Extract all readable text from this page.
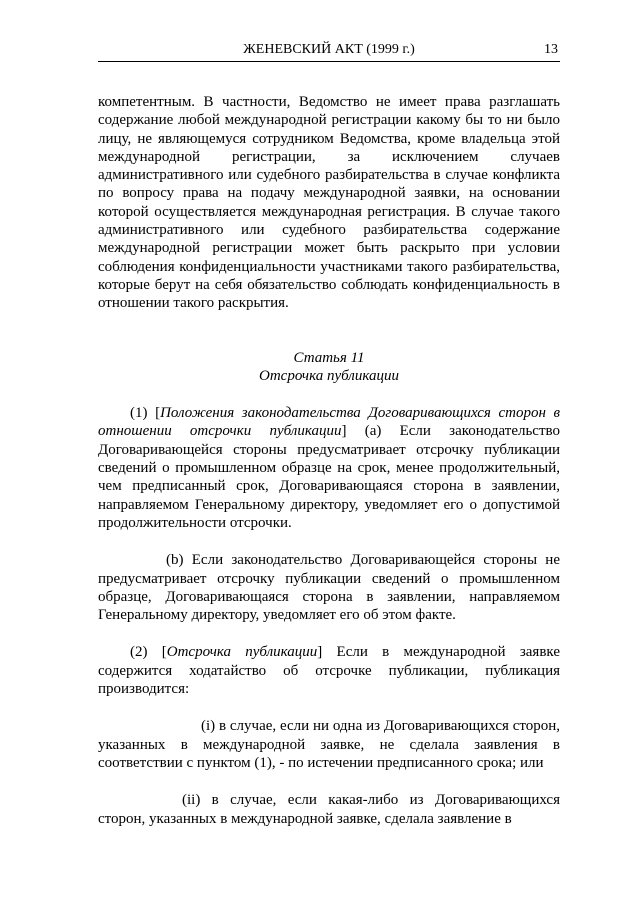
ЖЕНЕВСКИЙ АКТ (1999 г.)	13

компетентным. В частности, Ведомство не имеет права разглашать содержание любой международной регистрации какому бы то ни было лицу, не являющемуся сотрудником Ведомства, кроме владельца этой международной регистрации, за исключением случаев административного или судебного разбирательства в случае конфликта по вопросу права на подачу международной заявки, на основании которой осуществляется международная регистрация. В случае такого административного или судебного разбирательства содержание международной регистрации может быть раскрыто при условии соблюдения конфиденциальности участниками такого разбирательства, которые берут на себя обязательство соблюдать конфиденциальность в отношении такого раскрытия.

Статья 11

Отсрочка публикации

(1) [Положения законодательства Договаривающихся сторон в отношении отсрочки публикации] (a) Если законодательство Договаривающейся стороны предусматривает отсрочку публикации сведений о промышленном образце на срок, менее продолжительный, чем предписанный срок, Договаривающаяся сторона в заявлении, направляемом Генеральному директору, уведомляет его о допустимой продолжительности отсрочки.

(b) Если законодательство Договаривающейся стороны не предусматривает отсрочку публикации сведений о промышленном образце, Договаривающаяся сторона в заявлении, направляемом Генеральному директору, уведомляет его об этом факте.

(2) [Отсрочка публикации] Если в международной заявке содержится ходатайство об отсрочке публикации, публикация производится:

(i) в случае, если ни одна из Договаривающихся сторон, указанных в международной заявке, не сделала заявления в соответствии с пунктом (1), - по истечении предписанного срока; или

(ii) в случае, если какая-либо из Договаривающихся сторон, указанных в международной заявке, сделала заявление в
